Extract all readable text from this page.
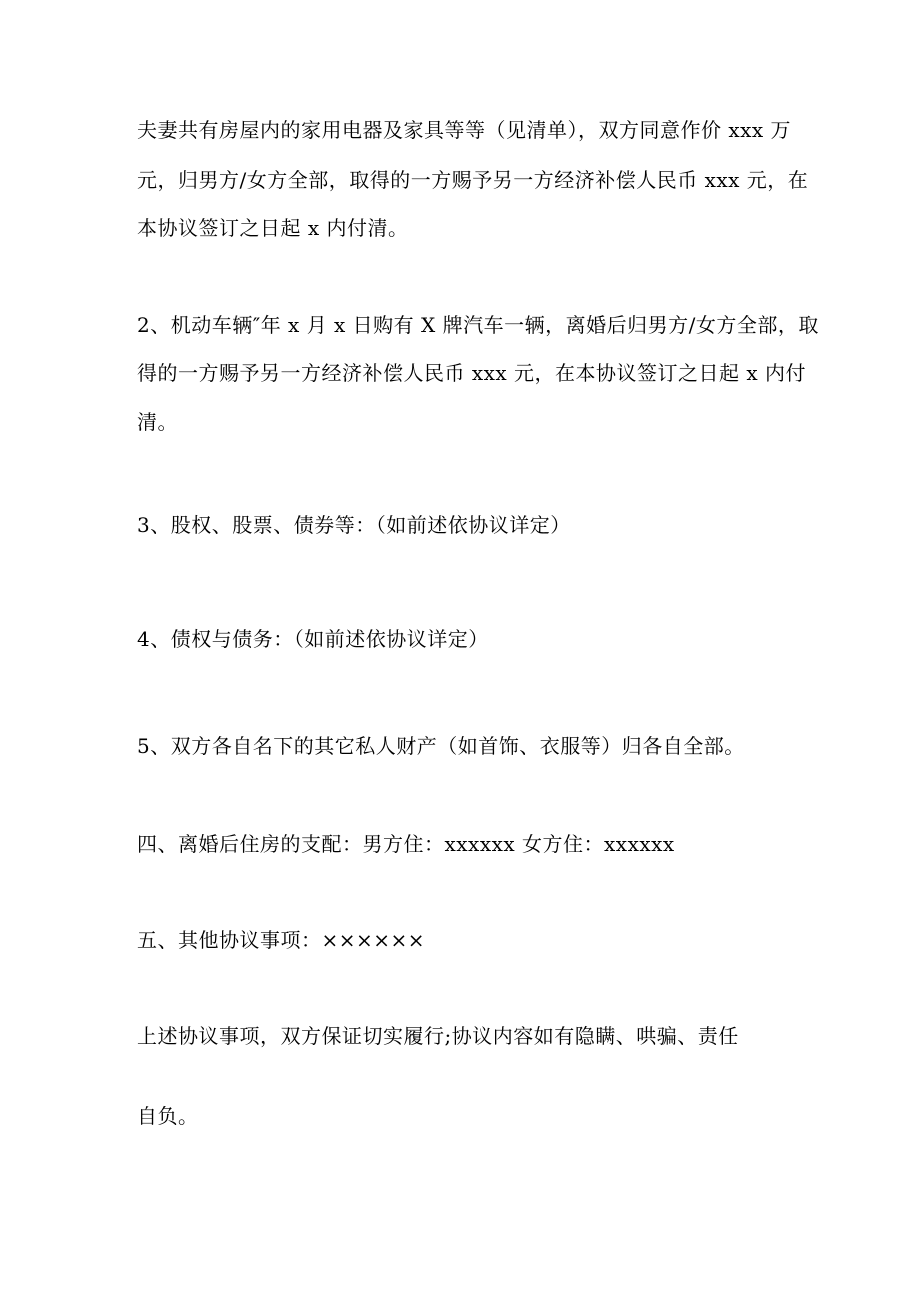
夫妻共有房屋内的家用电器及家具等等（见清单），双方同意作价 xxx 万
元，归男方/女方全部，取得的一方赐予另一方经济补偿人民币 xxx 元，在
本协议签订之日起 x 内付清。
2、机动车辆″年 x 月 x 日购有 X 牌汽车一辆，离婚后归男方/女方全部，取
得的一方赐予另一方经济补偿人民币 xxx 元，在本协议签订之日起 x 内付
清。
3、股权、股票、债券等：（如前述依协议详定）
4、债权与债务：（如前述依协议详定）
5、双方各自名下的其它私人财产（如首饰、衣服等）归各自全部。
四、离婚后住房的支配：男方住：xxxxxx 女方住：xxxxxx
五、其他协议事项：××××××
上述协议事项，双方保证切实履行;协议内容如有隐瞒、哄骗、责任
自负。
